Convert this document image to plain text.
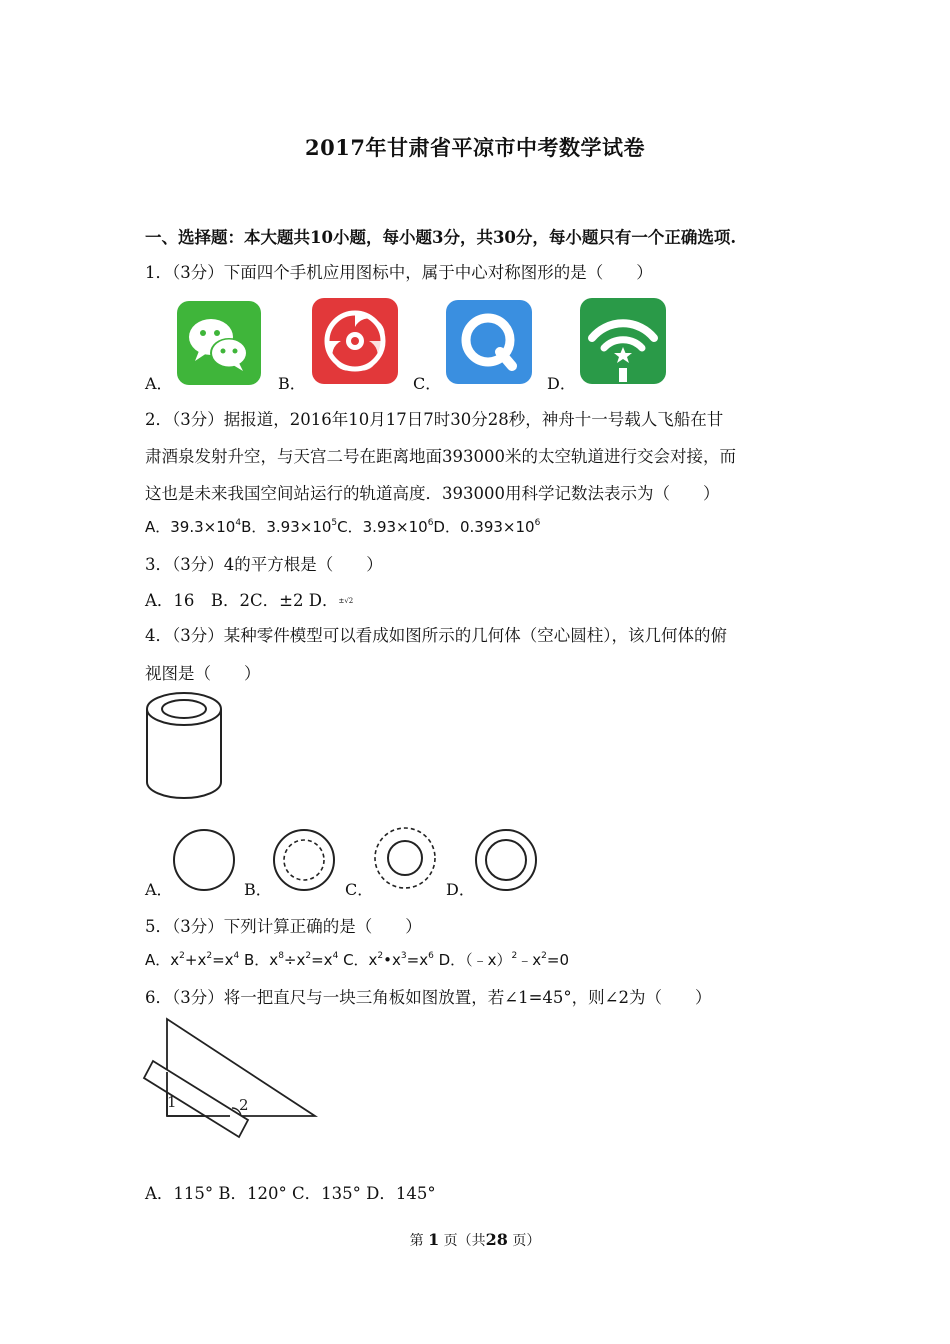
2017年甘肃省平凉市中考数学试卷
一、选择题：本大题共10小题，每小题3分，共30分，每小题只有一个正确选项.
1．（3分）下面四个手机应用图标中，属于中心对称图形的是（　　）
A．	B．	C．	D．
2．（3分）据报道，2016年10月17日7时30分28秒，神舟十一号载人飞船在甘
肃酒泉发射升空，与天宫二号在距离地面393000米的太空轨道进行交会对接，而
这也是未来我国空间站运行的轨道高度．393000用科学记数法表示为（　　）
A．$39.3\times 10^4B$．$3.93\times 10^5C$．$3.93\times 10^6D$．$0.393\times 10^6$
3．（3分）4的平方根是（　　）
A．16　B．2C．±2 D．±√2
4．（3分）某种零件模型可以看成如图所示的几何体（空心圆柱），该几何体的俯
视图是（　　）
A．	B．	C．	D．
5．（3分）下列计算正确的是（　　）
A．$x^2+x^2=x^4$ B．$x^8\div x^2=x^4$ C．$x^2•x^3=x^6$ D．$(﹣x)^2﹣x^2=0$
6．（3分）将一把直尺与一块三角板如图放置，若∠1=45°，则∠2为（　　）
1	2
A．115° B．120° C．135° D．145°
第 1 页（共28 页）
